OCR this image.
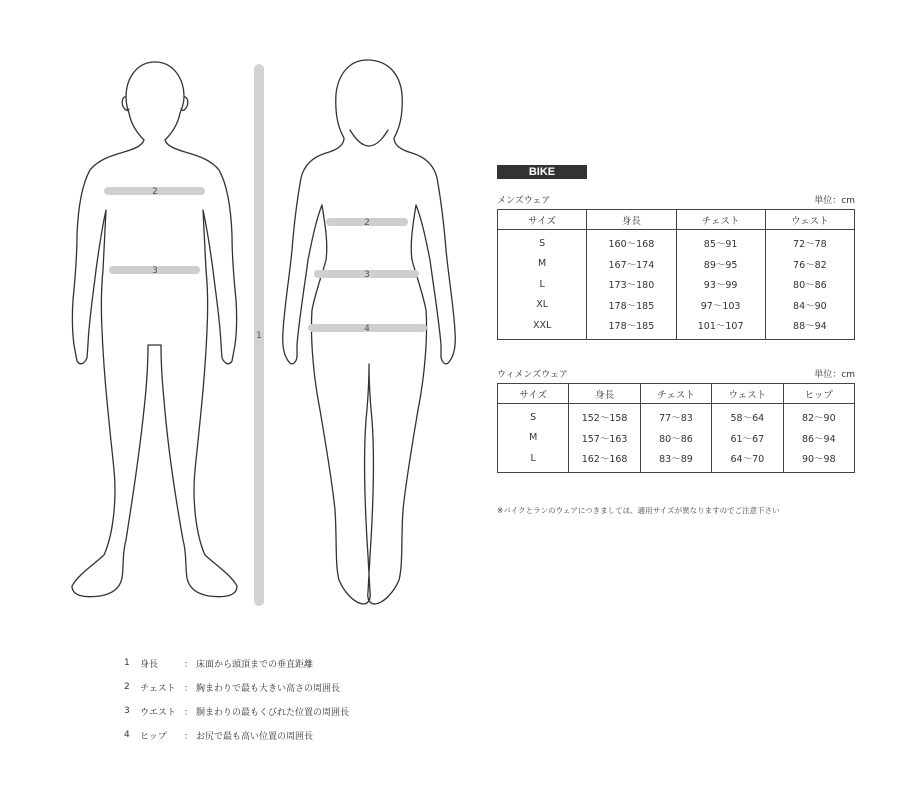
1
2
3
2
3
4
BIKE
メンズウェア	単位：cm
サイズ	身長	チェスト	ウェスト
S	160〜168	85〜91	72〜78
M	167〜174	89〜95	76〜82
L	173〜180	93〜99	80〜86
XL	178〜185	97〜103	84〜90
XXL	178〜185	101〜107	88〜94
ウィメンズウェア	単位：cm
サイズ	身長	チェスト	ウェスト	ヒップ
S	152〜158	77〜83	58〜64	82〜90
M	157〜163	80〜86	61〜67	86〜94
L	162〜168	83〜89	64〜70	90〜98
※バイクとランのウェアにつきましては、適用サイズが異なりますのでご注意下さい
1	身長	： 床面から頭頂までの垂直距離
2	チェスト ： 胸まわりで最も大きい高さの周囲長
3	ウエスト ： 胴まわりの最もくびれた位置の周囲長
4	ヒップ	： お尻で最も高い位置の周囲長
